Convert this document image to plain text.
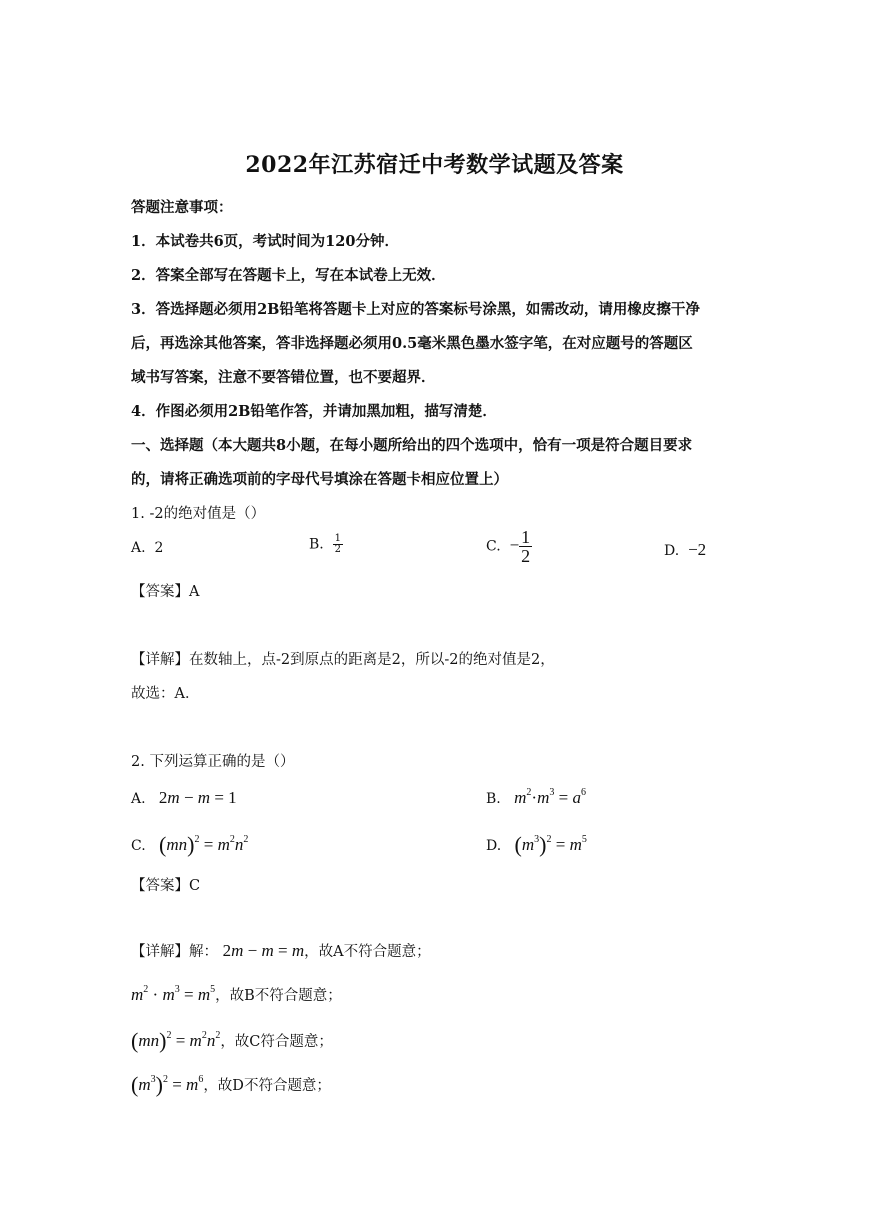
2022年江苏宿迁中考数学试题及答案
答题注意事项：
1．本试卷共6页，考试时间为120分钟．
2．答案全部写在答题卡上，写在本试卷上无效．
3．答选择题必须用2B铅笔将答题卡上对应的答案标号涂黑，如需改动，请用橡皮擦干净
后，再选涂其他答案，答非选择题必须用0.5毫米黑色墨水签字笔，在对应题号的答题区
域书写答案，注意不要答错位置，也不要超界．
4．作图必须用2B铅笔作答，并请加黑加粗，描写清楚．
一、选择题（本大题共8小题，在每小题所给出的四个选项中，恰有一项是符合题目要求
的，请将正确选项前的字母代号填涂在答题卡相应位置上）
1. -2的绝对值是（）
A. 2	B. $\frac{1}{2}$	C. − $\frac{1}{2}$	D. −2
【答案】A
【详解】在数轴上，点-2到原点的距离是2，所以-2的绝对值是2，
故选：A．
2. 下列运算正确的是（）
A. 2m − m = 1	B. $m^2\cdot m^3 = a^6$
C. $(mn)^2 = m^2n^2$	D. $(m^3)^2 = m^5$
【答案】C
【详解】解： 2m − m = m，故A不符合题意；
$m^2 \cdot m^3 = m^5$，故B不符合题意；
$(mn)^2 = m^2n^2$，故C符合题意；
$(m^3)^2 = m^6$，故D不符合题意；
